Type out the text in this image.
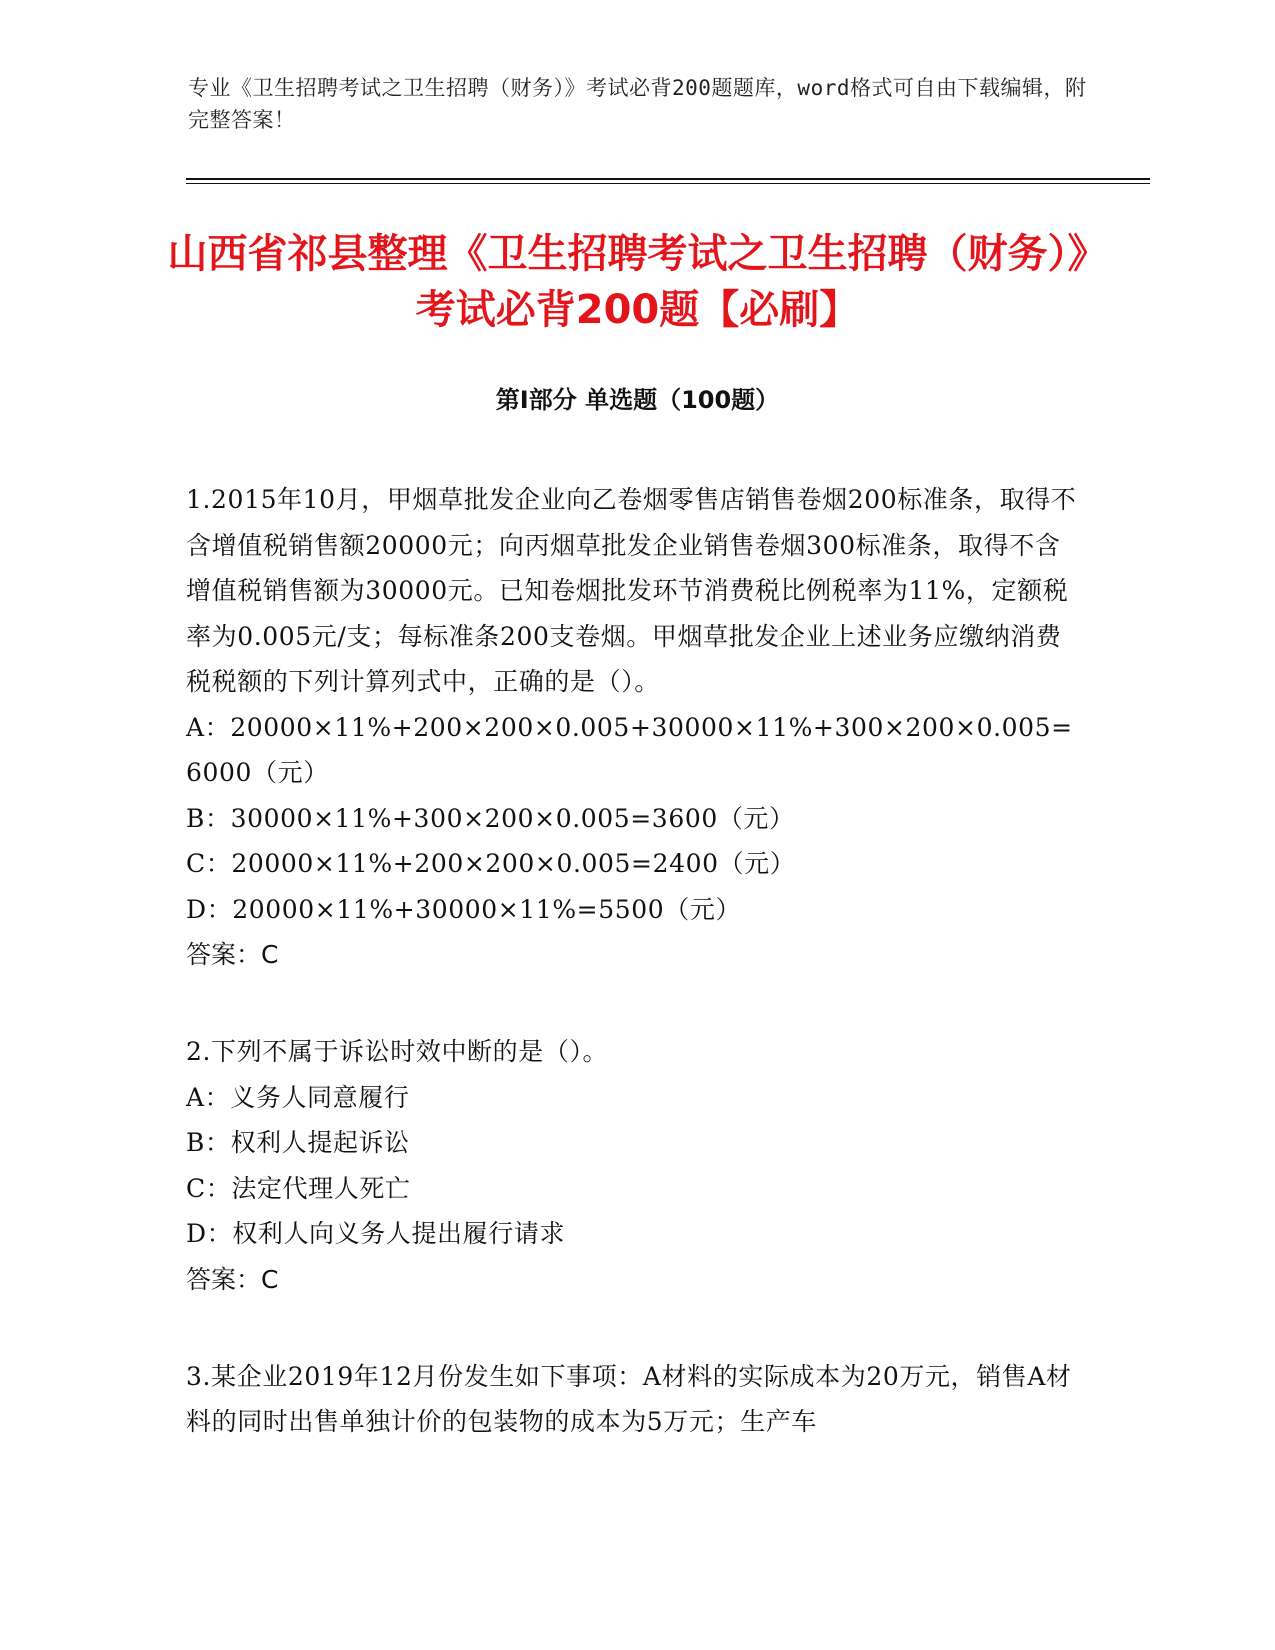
专业《卫生招聘考试之卫生招聘（财务）》考试必背200题题库，word格式可自由下载编辑，附完整答案！
山西省祁县整理《卫生招聘考试之卫生招聘（财务）》考试必背200题【必刷】
第Ⅰ部分 单选题（100题）
1.2015年10月，甲烟草批发企业向乙卷烟零售店销售卷烟200标准条，取得不含增值税销售额20000元；向丙烟草批发企业销售卷烟300标准条，取得不含增值税销售额为30000元。已知卷烟批发环节消费税比例税率为11%，定额税率为0.005元/支；每标准条200支卷烟。甲烟草批发企业上述业务应缴纳消费税税额的下列计算列式中，正确的是（）。
A：20000×11%+200×200×0.005+30000×11%+300×200×0.005=6000（元）
B：30000×11%+300×200×0.005=3600（元）
C：20000×11%+200×200×0.005=2400（元）
D：20000×11%+30000×11%=5500（元）
答案：C
2.下列不属于诉讼时效中断的是（）。
A：义务人同意履行
B：权利人提起诉讼
C：法定代理人死亡
D：权利人向义务人提出履行请求
答案：C
3.某企业2019年12月份发生如下事项：A材料的实际成本为20万元，销售A材料的同时出售单独计价的包装物的成本为5万元；生产车
